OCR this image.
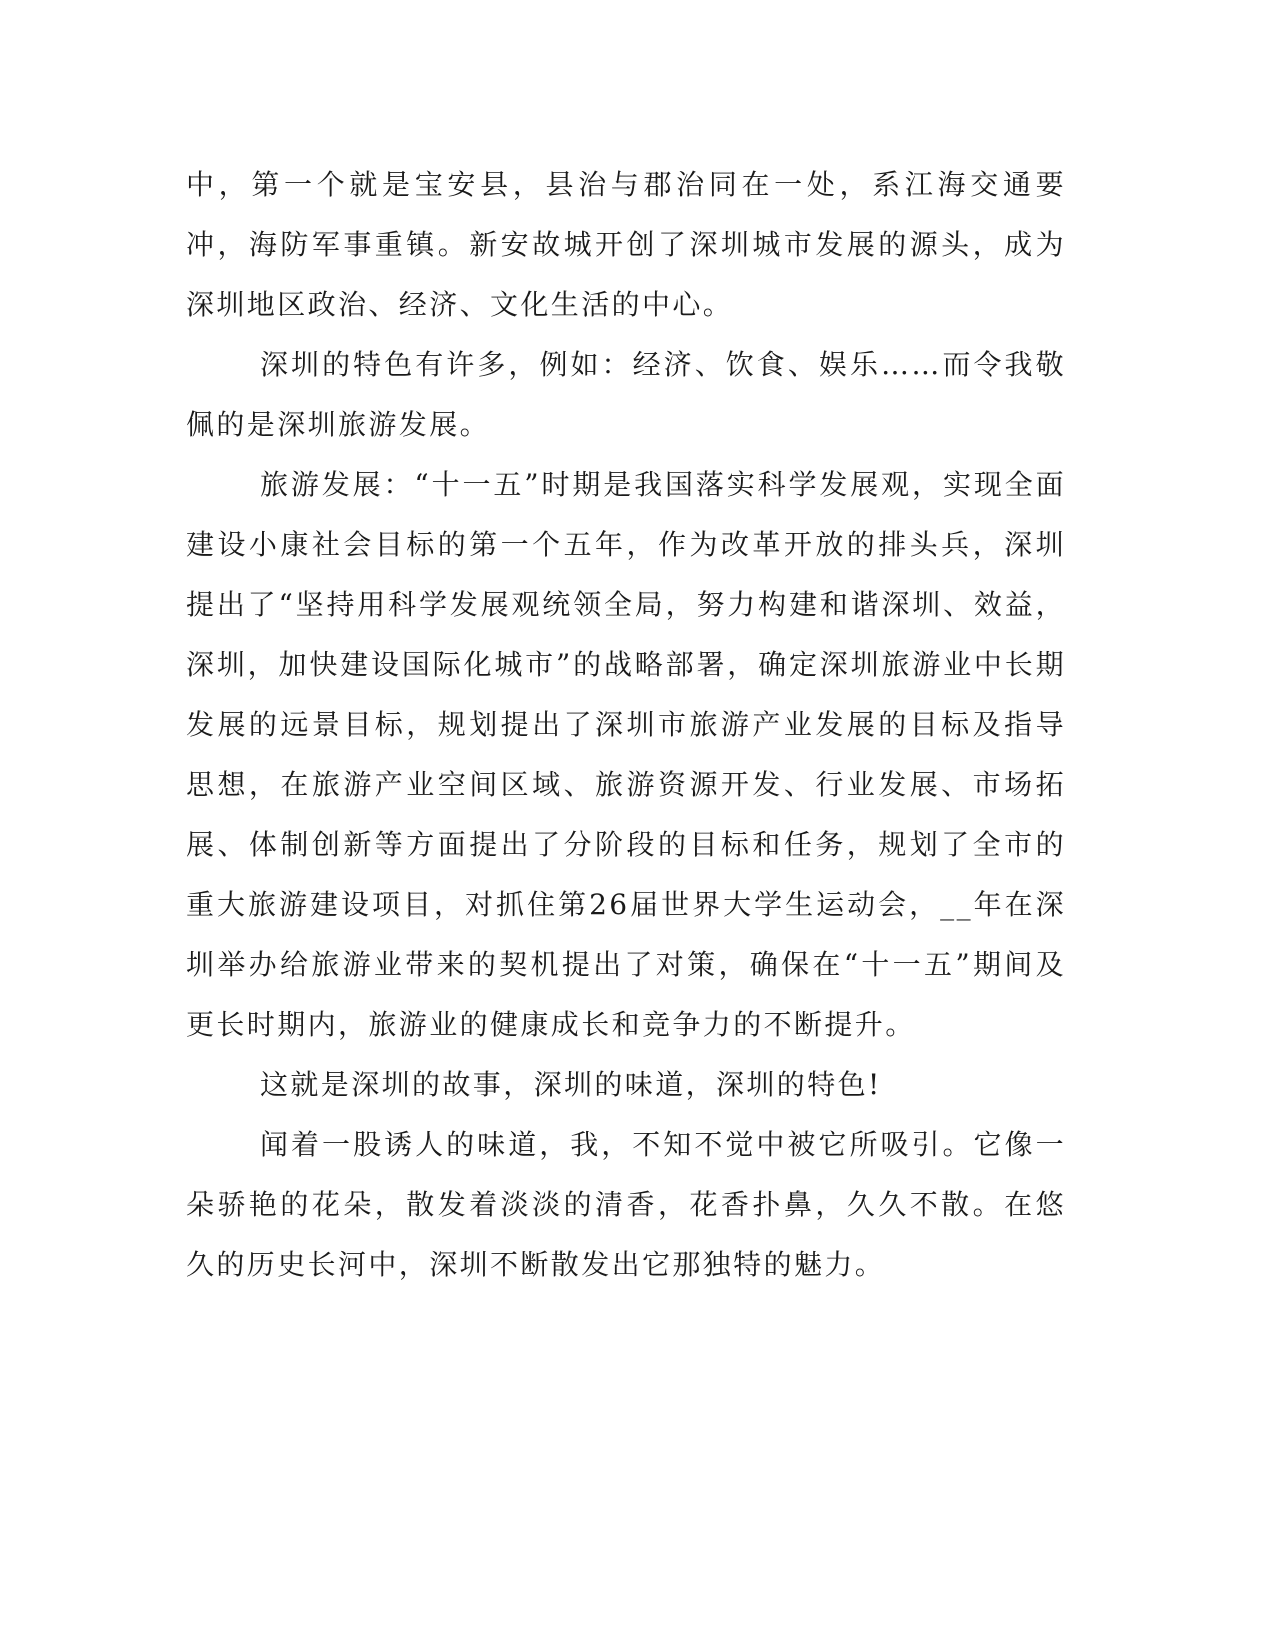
中，第一个就是宝安县，县治与郡治同在一处，系江海交通要冲，海防军事重镇。新安故城开创了深圳城市发展的源头，成为深圳地区政治、经济、文化生活的中心。

深圳的特色有许多，例如：经济、饮食、娱乐……而令我敬佩的是深圳旅游发展。

旅游发展：“十一五”时期是我国落实科学发展观，实现全面建设小康社会目标的第一个五年，作为改革开放的排头兵，深圳提出了“坚持用科学发展观统领全局，努力构建和谐深圳、效益，深圳，加快建设国际化城市”的战略部署，确定深圳旅游业中长期发展的远景目标，规划提出了深圳市旅游产业发展的目标及指导思想，在旅游产业空间区域、旅游资源开发、行业发展、市场拓展、体制创新等方面提出了分阶段的目标和任务，规划了全市的重大旅游建设项目，对抓住第26届世界大学生运动会，__年在深圳举办给旅游业带来的契机提出了对策，确保在“十一五”期间及更长时期内，旅游业的健康成长和竞争力的不断提升。

这就是深圳的故事，深圳的味道，深圳的特色!

闻着一股诱人的味道，我，不知不觉中被它所吸引。它像一朵骄艳的花朵，散发着淡淡的清香，花香扑鼻，久久不散。在悠久的历史长河中，深圳不断散发出它那独特的魅力。
